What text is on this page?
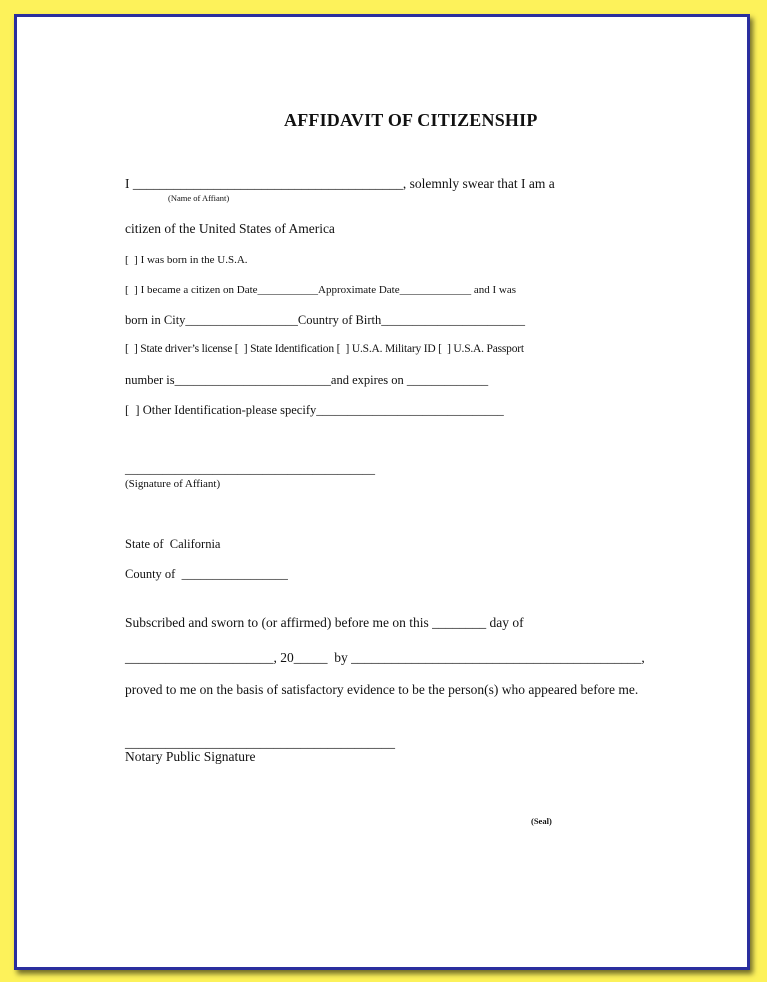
AFFIDAVIT OF CITIZENSHIP
I ________________________________________, solemnly swear that I am a
(Name of Affiant)
citizen of the United States of America
[  ] I was born in the U.S.A.
[  ] I became a citizen on Date___________Approximate Date_____________ and I was
born in City__________________Country of Birth_______________________
[  ] State driver’s license [  ] State Identification [  ] U.S.A. Military ID [  ] U.S.A. Passport
number is_________________________and expires on _____________
[  ] Other Identification-please specify______________________________
________________________________________
(Signature of Affiant)
State of  California
County of  _________________
Subscribed and sworn to (or affirmed) before me on this ________ day of
______________________, 20_____  by ___________________________________________,
proved to me on the basis of satisfactory evidence to be the person(s) who appeared before me.
________________________________________
Notary Public Signature
(Seal)
